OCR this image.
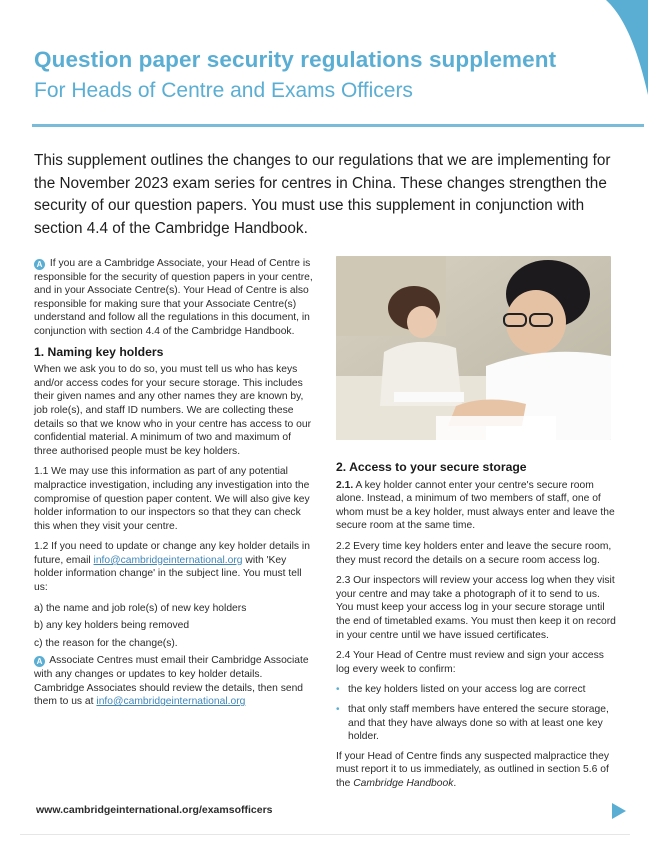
Question paper security regulations supplement
For Heads of Centre and Exams Officers

This supplement outlines the changes to our regulations that we are implementing for the November 2023 exam series for centres in China. These changes strengthen the security of our question papers. You must use this supplement in conjunction with section 4.4 of the Cambridge Handbook.

A If you are a Cambridge Associate, your Head of Centre is responsible for the security of question papers in your centre, and in your Associate Centre(s). Your Head of Centre is also responsible for making sure that your Associate Centre(s) understand and follow all the regulations in this document, in conjunction with section 4.4 of the Cambridge Handbook.

1. Naming key holders

When we ask you to do so, you must tell us who has keys and/or access codes for your secure storage. This includes their given names and any other names they are known by, job role(s), and staff ID numbers. We are collecting these details so that we know who in your centre has access to our confidential material. A minimum of two and maximum of three authorised people must be key holders.

1.1 We may use this information as part of any potential malpractice investigation, including any investigation into the compromise of question paper content. We will also give key holder information to our inspectors so that they can check this when they visit your centre.

1.2 If you need to update or change any key holder details in future, email info@cambridgeinternational.org with 'Key holder information change' in the subject line. You must tell us:

a) the name and job role(s) of new key holders

b) any key holders being removed

c) the reason for the change(s).

A Associate Centres must email their Cambridge Associate with any changes or updates to key holder details. Cambridge Associates should review the details, then send them to us at info@cambridgeinternational.org

2. Access to your secure storage

2.1. A key holder cannot enter your centre's secure room alone. Instead, a minimum of two members of staff, one of whom must be a key holder, must always enter and leave the secure room at the same time.

2.2 Every time key holders enter and leave the secure room, they must record the details on a secure room access log.

2.3 Our inspectors will review your access log when they visit your centre and may take a photograph of it to send to us. You must keep your access log in your secure storage until the end of timetabled exams. You must then keep it on record in your centre until we have issued certificates.

2.4 Your Head of Centre must review and sign your access log every week to confirm:

• the key holders listed on your access log are correct
• that only staff members have entered the secure storage, and that they have always done so with at least one key holder.

If your Head of Centre finds any suspected malpractice they must report it to us immediately, as outlined in section 5.6 of the Cambridge Handbook.

www.cambridgeinternational.org/examsofficers
